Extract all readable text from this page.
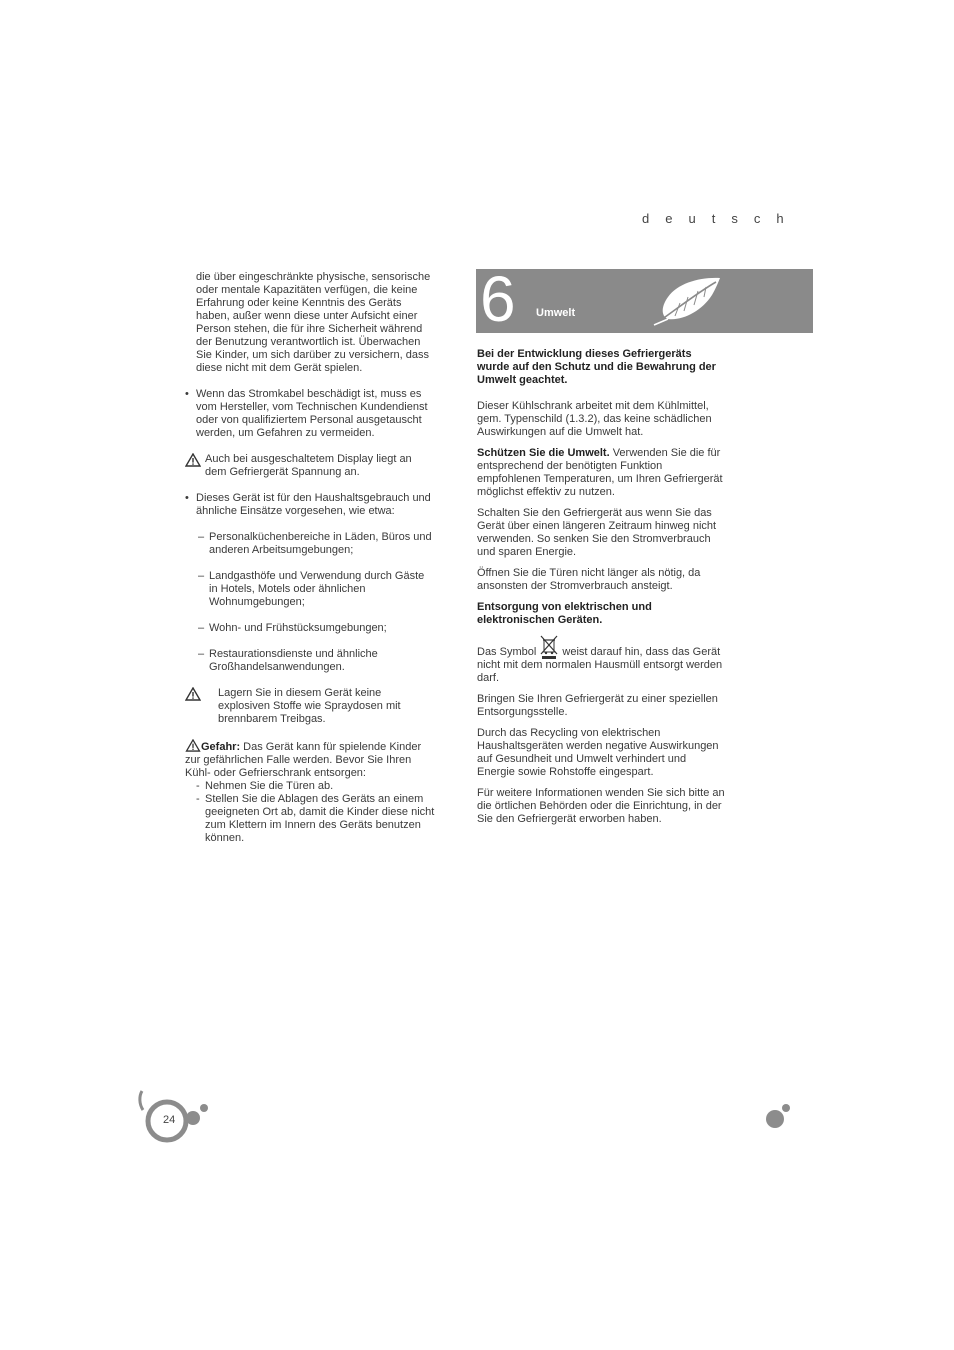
d e u t s c h

die über eingeschränkte physische, sensorische oder mentale Kapazitäten verfügen, die keine Erfahrung oder keine Kenntnis des Geräts haben, außer wenn diese unter Aufsicht einer Person stehen, die für ihre Sicherheit während der Benutzung verantwortlich ist. Überwachen Sie Kinder, um sich darüber zu versichern, dass diese nicht mit dem Gerät spielen.

• Wenn das Stromkabel beschädigt ist, muss es vom Hersteller, vom Technischen Kundendienst oder von qualifiziertem Personal ausgetauscht werden, um Gefahren zu vermeiden.
Auch bei ausgeschaltetem Display liegt an dem Gefriergerät Spannung an.
• Dieses Gerät ist für den Haushaltsgebrauch und ähnliche Einsätze vorgesehen, wie etwa:
– Personalküchenbereiche in Läden, Büros und anderen Arbeitsumgebungen;
– Landgasthöfe und Verwendung durch Gäste in Hotels, Motels oder ähnlichen Wohnumgebungen;
– Wohn- und Frühstücksumgebungen;
– Restaurationsdienste und ähnliche Großhandelsanwendungen.
Lagern Sie in diesem Gerät keine explosiven Stoffe wie Spraydosen mit brennbarem Treibgas.
Gefahr: Das Gerät kann für spielende Kinder zur gefährlichen Falle werden. Bevor Sie Ihren Kühl- oder Gefrierschrank entsorgen:
- Nehmen Sie die Türen ab.
- Stellen Sie die Ablagen des Geräts an einem geeigneten Ort ab, damit die Kinder diese nicht zum Klettern im Innern des Geräts benutzen können.
6 Umwelt

Bei der Entwicklung dieses Gefriergeräts wurde auf den Schutz und die Bewahrung der Umwelt geachtet.

Dieser Kühlschrank arbeitet mit dem Kühlmittel, gem. Typenschild (1.3.2), das keine schädlichen Auswirkungen auf die Umwelt hat.

Schützen Sie die Umwelt. Verwenden Sie die für entsprechend der benötigten Funktion empfohlenen Temperaturen, um Ihren Gefriergerät möglichst effektiv zu nutzen.

Schalten Sie den Gefriergerät aus wenn Sie das Gerät über einen längeren Zeitraum hinweg nicht verwenden. So senken Sie den Stromverbrauch und sparen Energie.

Öffnen Sie die Türen nicht länger als nötig, da ansonsten der Stromverbrauch ansteigt.

Entsorgung von elektrischen und elektronischen Geräten.

Das Symbol  weist darauf hin, dass das Gerät nicht mit dem normalen Hausmüll entsorgt werden darf.

Bringen Sie Ihren Gefriergerät zu einer speziellen Entsorgungsstelle.

Durch das Recycling von elektrischen Haushaltsgeräten werden negative Auswirkungen auf Gesundheit und Umwelt verhindert und Energie sowie Rohstoffe eingespart.

Für weitere Informationen wenden Sie sich bitte an die örtlichen Behörden oder die Einrichtung, in der Sie den Gefriergerät erworben haben.

24
